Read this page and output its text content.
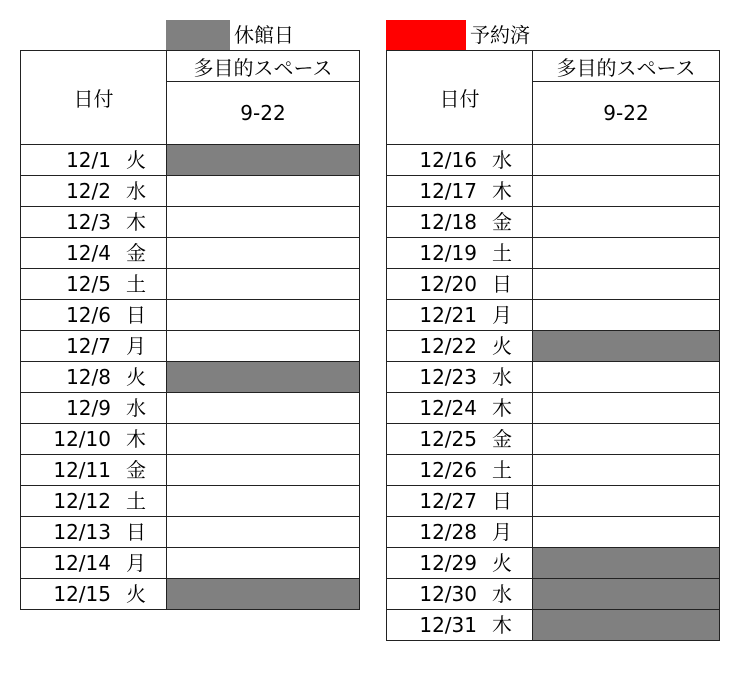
休館日	予約済
日付	多目的スペース
	9-22

12/1 火	

12/2 水	

12/3 木	

12/4 金	

12/5 土	

12/6 日	

12/7 月	

12/8 火	

12/9 水	

12/10 木	

12/11 金	

12/12 土	

12/13 日	

12/14 月	

12/15 火	

日付	多目的スペース
	9-22

12/16 水	

12/17 木	

12/18 金	

12/19 土	

12/20 日	

12/21 月	

12/22 火	

12/23 水	

12/24 木	

12/25 金	

12/26 土	

12/27 日	

12/28 月	

12/29 火	

12/30 水	

12/31 木	
